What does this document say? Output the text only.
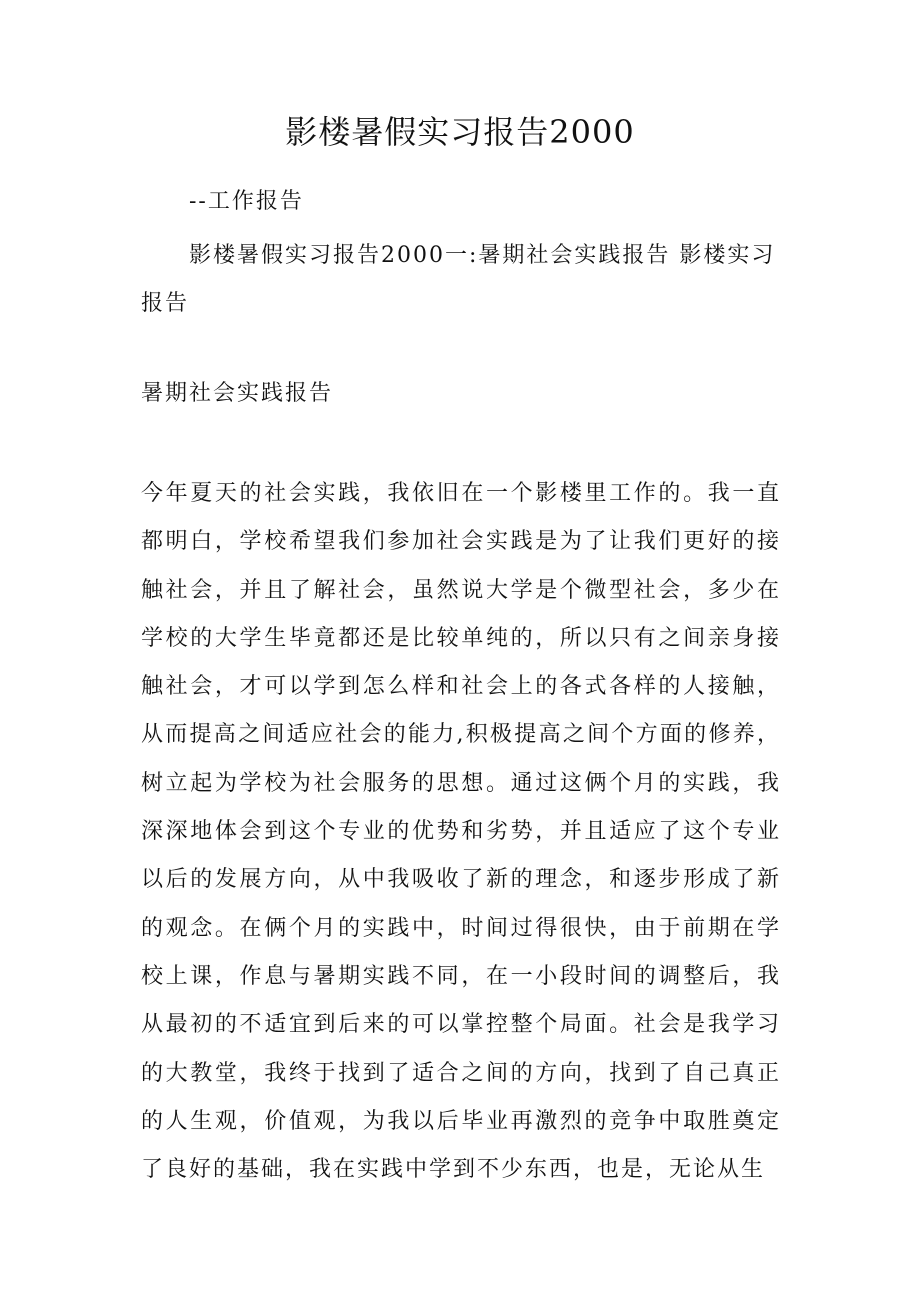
影楼暑假实习报告2000
--工作报告
影楼暑假实习报告2000一:暑期社会实践报告 影楼实习报告
暑期社会实践报告
今年夏天的社会实践，我依旧在一个影楼里工作的。我一直都明白，学校希望我们参加社会实践是为了让我们更好的接触社会，并且了解社会，虽然说大学是个微型社会，多少在学校的大学生毕竟都还是比较单纯的，所以只有之间亲身接触社会，才可以学到怎么样和社会上的各式各样的人接触，从而提高之间适应社会的能力,积极提高之间个方面的修养，树立起为学校为社会服务的思想。通过这俩个月的实践，我深深地体会到这个专业的优势和劣势，并且适应了这个专业以后的发展方向，从中我吸收了新的理念，和逐步形成了新的观念。在俩个月的实践中，时间过得很快，由于前期在学校上课，作息与暑期实践不同，在一小段时间的调整后，我从最初的不适宜到后来的可以掌控整个局面。社会是我学习的大教堂，我终于找到了适合之间的方向，找到了自己真正的人生观，价值观，为我以后毕业再激烈的竞争中取胜奠定了良好的基础，我在实践中学到不少东西，也是，无论从生
